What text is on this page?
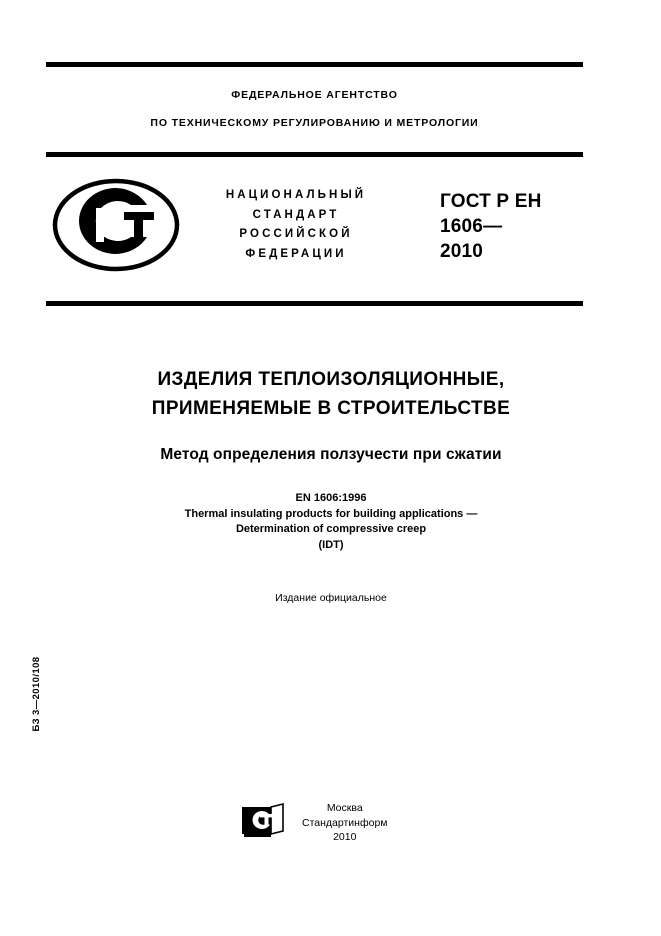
ФЕДЕРАЛЬНОЕ АГЕНТСТВО
ПО ТЕХНИЧЕСКОМУ РЕГУЛИРОВАНИЮ И МЕТРОЛОГИИ
НАЦИОНАЛЬНЫЙ
СТАНДАРТ
РОССИЙСКОЙ
ФЕДЕРАЦИИ
ГОСТ Р ЕН
1606—
2010
ИЗДЕЛИЯ ТЕПЛОИЗОЛЯЦИОННЫЕ,
ПРИМЕНЯЕМЫЕ В СТРОИТЕЛЬСТВЕ
Метод определения ползучести при сжатии
EN 1606:1996
Thermal insulating products for building applications —
Determination of compressive creep
(IDT)
Издание официальное
БЗ 3—2010/108
Москва
Стандартинформ
2010
